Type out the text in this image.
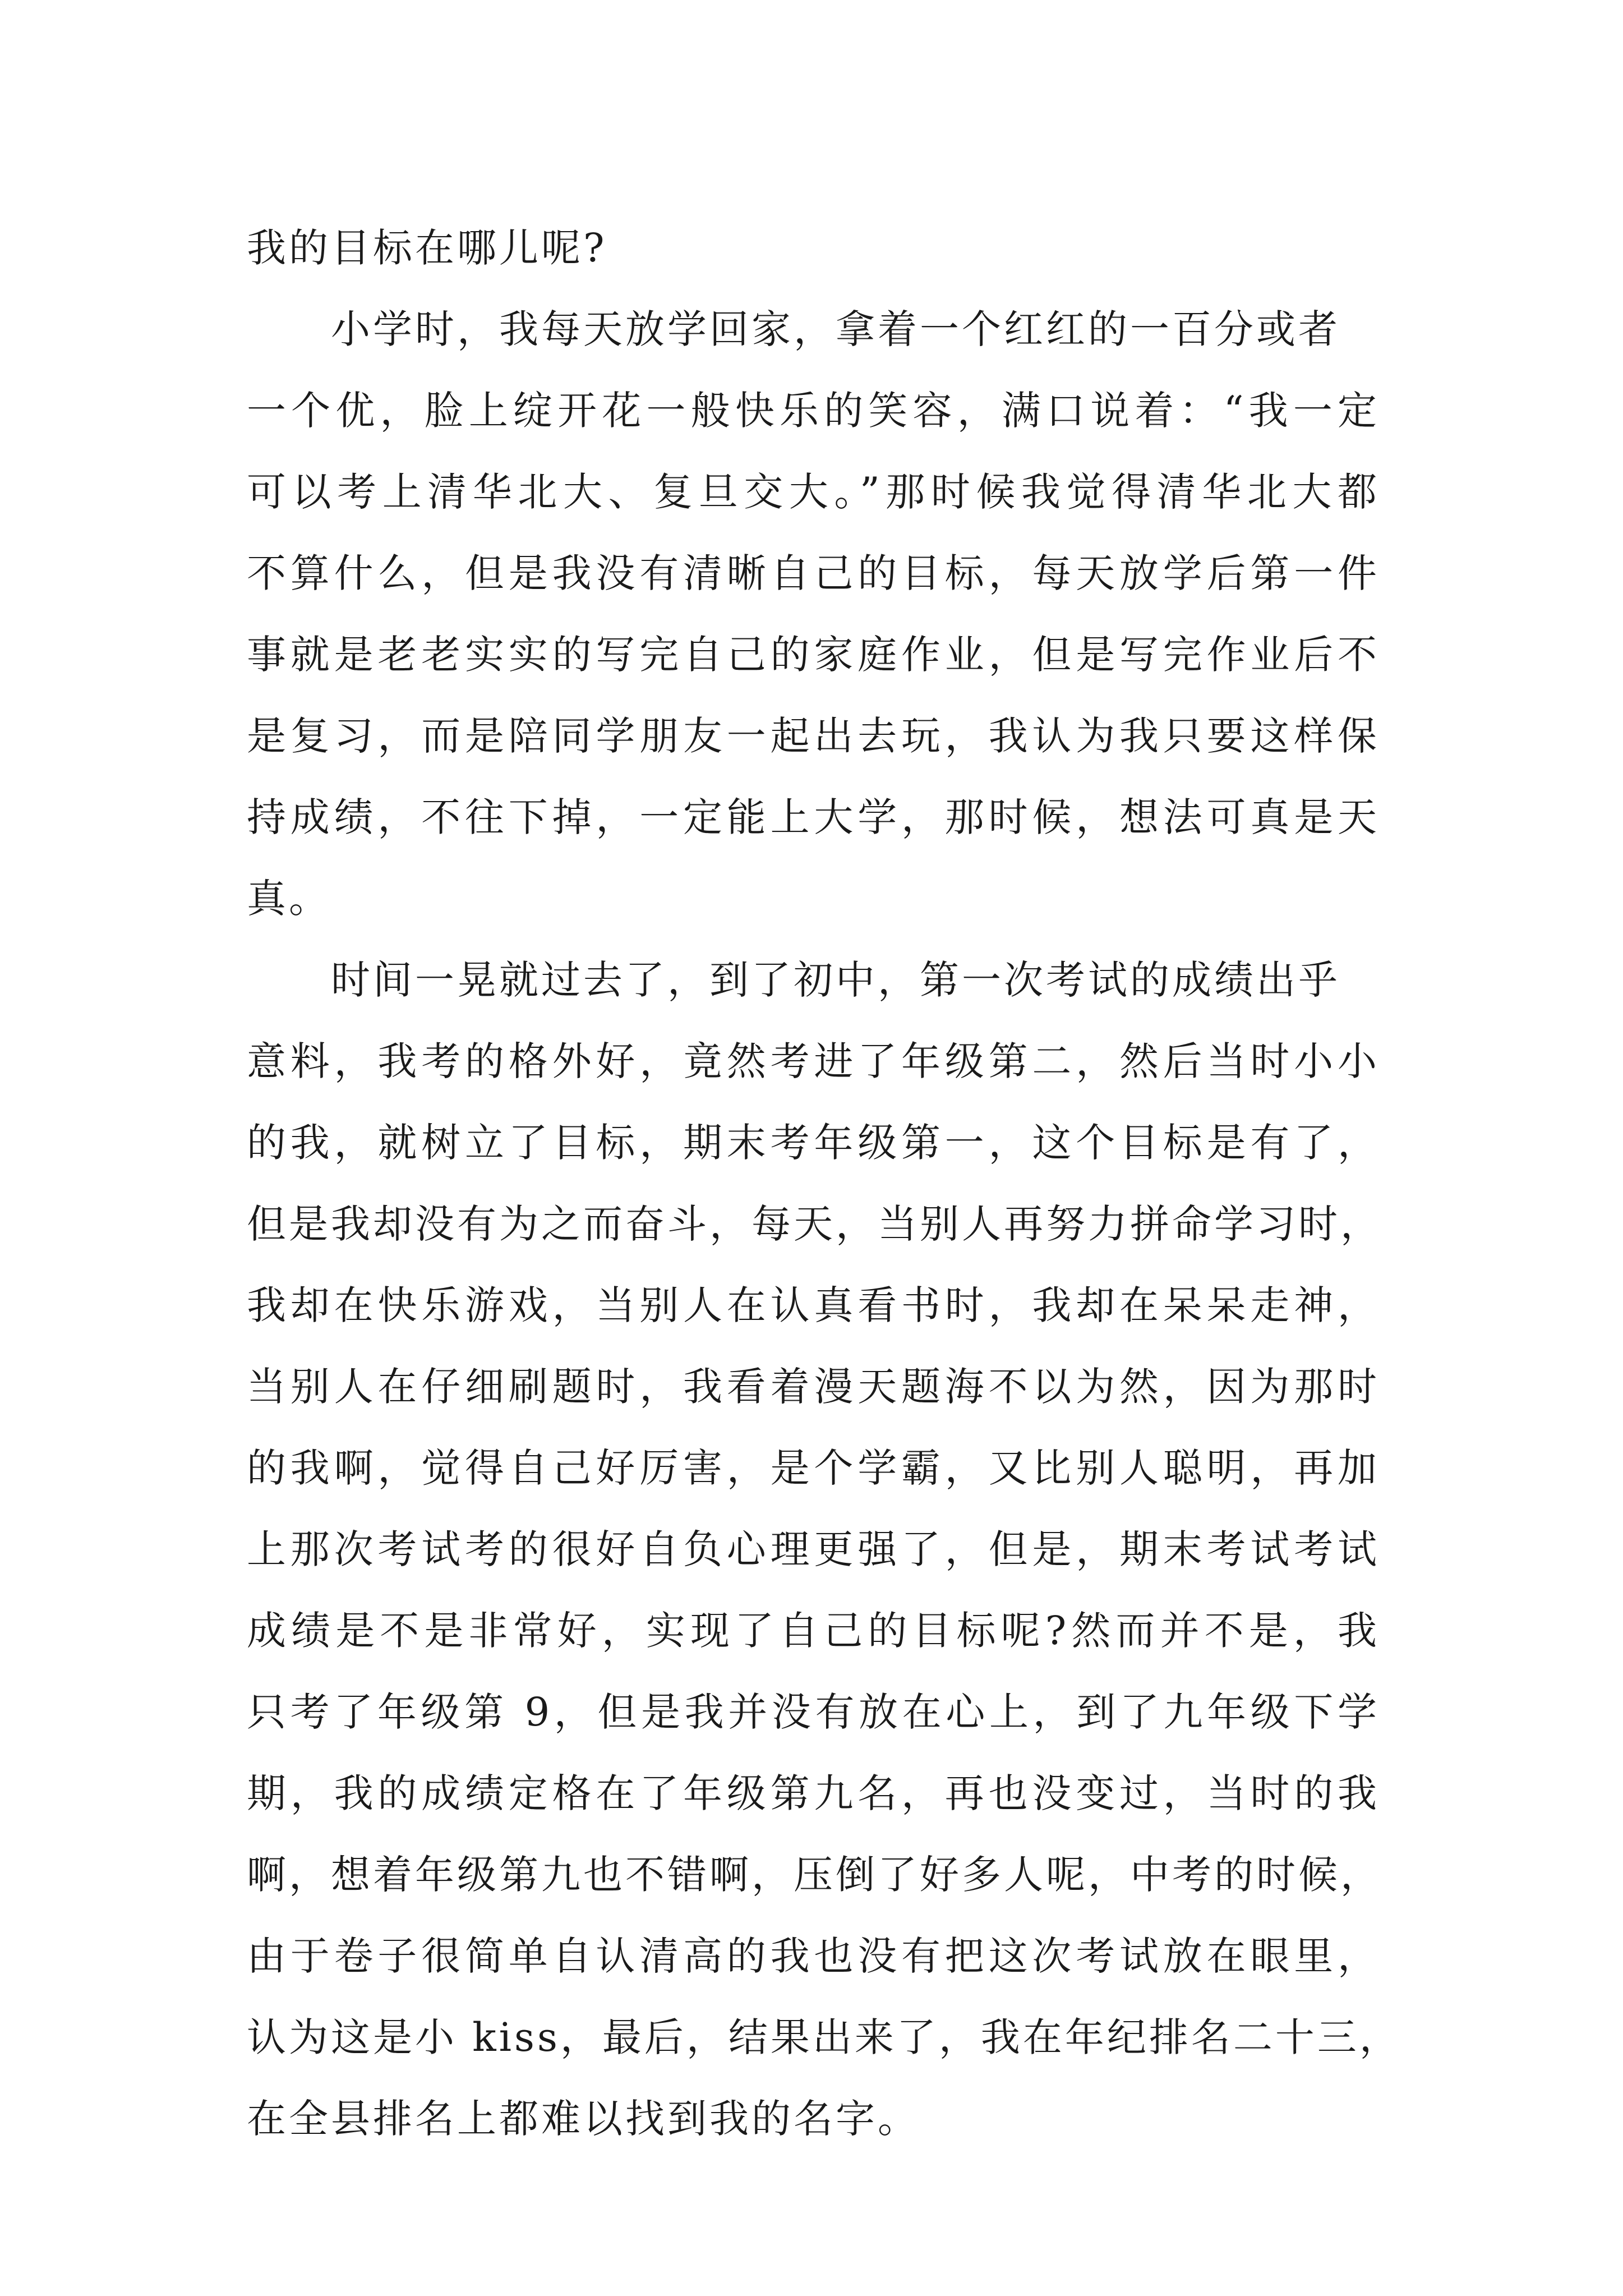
我的目标在哪儿呢?
小学时，我每天放学回家，拿着一个红红的一百分或者
一个优，脸上绽开花一般快乐的笑容，满口说着：“我一定
可以考上清华北大、复旦交大。”那时候我觉得清华北大都
不算什么，但是我没有清晰自己的目标，每天放学后第一件
事就是老老实实的写完自己的家庭作业，但是写完作业后不
是复习，而是陪同学朋友一起出去玩，我认为我只要这样保
持成绩，不往下掉，一定能上大学，那时候，想法可真是天
真。
时间一晃就过去了，到了初中，第一次考试的成绩出乎
意料，我考的格外好，竟然考进了年级第二，然后当时小小
的我，就树立了目标，期末考年级第一，这个目标是有了，
但是我却没有为之而奋斗，每天，当别人再努力拼命学习时，
我却在快乐游戏，当别人在认真看书时，我却在呆呆走神，
当别人在仔细刷题时，我看着漫天题海不以为然，因为那时
的我啊，觉得自己好厉害，是个学霸，又比别人聪明，再加
上那次考试考的很好自负心理更强了，但是，期末考试考试
成绩是不是非常好，实现了自己的目标呢?然而并不是，我
只考了年级第 9，但是我并没有放在心上，到了九年级下学
期，我的成绩定格在了年级第九名，再也没变过，当时的我
啊，想着年级第九也不错啊，压倒了好多人呢，中考的时候，
由于卷子很简单自认清高的我也没有把这次考试放在眼里，
认为这是小 kiss，最后，结果出来了，我在年纪排名二十三，
在全县排名上都难以找到我的名字。
